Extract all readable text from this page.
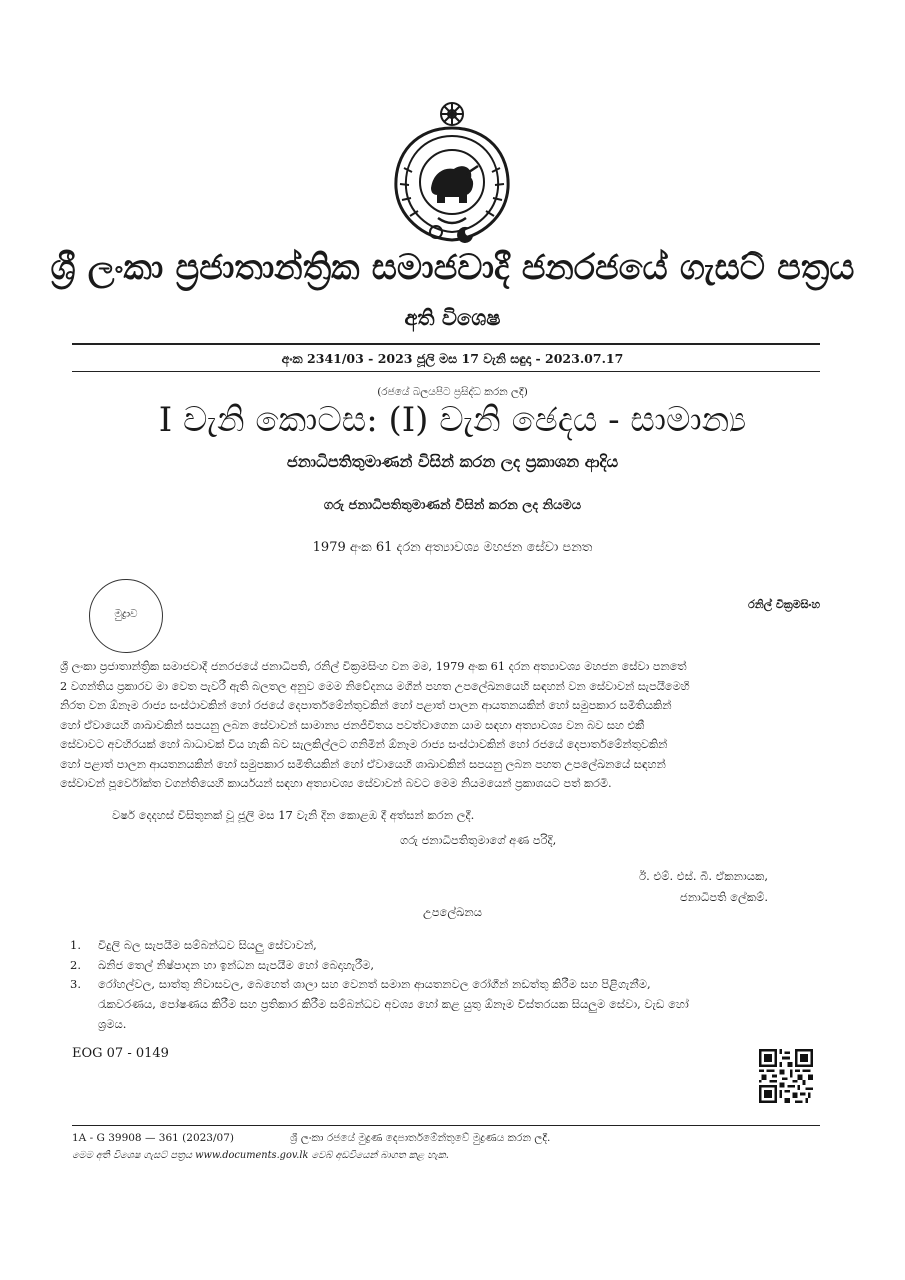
ශ්‍රී ලංකා ප්‍රජාතාන්ත්‍රික සමාජවාදී ජනරජයේ ගැසට් පත්‍රය
අති විශෙෂ
අංක 2341/03 - 2023 ජූලි මස 17 වැනි සඳුදා - 2023.07.17
(රජයේ බලයපිට ප්‍රසිද්ධ කරන ලදී)
I වැනි කොටස: (I) වැනි ඡෙදය - සාමාන්‍ය
ජනාධිපතිතුමාණන් විසින් කරන ලද ප්‍රකාශන ආදිය
ගරු ජනාධිපතිතුමාණන් විසින් කරන ලද නියමය
1979 අංක 61 දරන අත්‍යාවශ්‍ය මහජන සේවා පනත
මුද්‍රාව
රනිල් වික්‍රමසිංහ
ශ්‍රී ලංකා ප්‍රජාතාන්ත්‍රික සමාජවාදී ජනරජයේ ජනාධිපති, රනිල් වික්‍රමසිංහ වන මම, 1979 අංක 61 දරන අත්‍යාවශ්‍ය මහජන සේවා පනතේ
2 වගන්තිය ප්‍රකාරව මා වෙත පැවරී ඇති බලතල අනුව මෙම නිවේදනය මගින් පහත උපලේඛනයෙහි සඳහන් වන සේවාවන් සැපයීමෙහි
නිරත වන ඕනෑම රාජ්‍ය සංස්ථාවකින් හෝ රජයේ දෙපාර්තමේන්තුවකින් හෝ පළාත් පාලන ආයතනයකින් හෝ සමුපකාර සමිතියකින්
හෝ ඒවායෙහි ශාඛාවකින් සපයනු ලබන සේවාවන් සාමාන්‍ය ජනජීවිතය පවත්වාගෙන යාම සඳහා අත්‍යාවශ්‍ය වන බව සහ එකී
සේවාවට අවහිරයක් හෝ බාධාවක් විය හැකි බව සැලකිල්ලට ගනිමින් ඕනෑම රාජ්‍ය සංස්ථාවකින් හෝ රජයේ දෙපාර්තමේන්තුවකින්
හෝ පළාත් පාලන ආයතනයකින් හෝ සමුපකාර සමිතියකින් හෝ ඒවායෙහි ශාඛාවකින් සපයනු ලබන පහත උපලේඛනයේ සඳහන්
සේවාවන් පූර්වෝක්ත වගන්තියෙහි කාර්යයන් සඳහා අත්‍යාවශ්‍ය සේවාවන් බවට මෙම නියමයෙන් ප්‍රකාශයට පත් කරමි.
වර්ෂ දෙදහස් විසිතුනක් වූ ජූලි මස 17 වැනි දින කොළඹ දී අත්සන් කරන ලදී.
ගරු ජනාධිපතිතුමාගේ අණ පරිදි,
ඊ. එම්. එස්. බී. ඒකනායක,
ජනාධිපති ලේකම්.
උපලේඛනය
1. විදුලි බල සැපයීම සම්බන්ධව සියලු සේවාවන්,
2. ඛනිජ තෙල් නිෂ්පාදන හා ඉන්ධන සැපයීම හෝ බෙදාහැරීම,
3. රෝහල්වල, සාත්තු නිවාසවල, බෙහෙත් ශාලා සහ වෙනත් සමාන ආයතනවල රෝගීන් නඩත්තු කිරීම සහ පිළිගැනීම,
රැකවරණය, පෝෂණය කිරීම සහ ප්‍රතිකාර කිරීම සම්බන්ධව අවශ්‍ය හෝ කළ යුතු ඕනෑම විස්තරයක සියලුම සේවා, වැඩ හෝ
ශ්‍රමය.
EOG 07 - 0149
1A - G 39908 — 361 (2023/07)	ශ්‍රී ලංකා රජයේ මුද්‍රණ දෙපාර්තමේන්තුවේ මුද්‍රණය කරන ලදී.
මෙම අති විශෙෂ ගැසට් පත්‍රය www.documents.gov.lk වෙබ් අඩවියෙන් බාගත කළ හැක.
